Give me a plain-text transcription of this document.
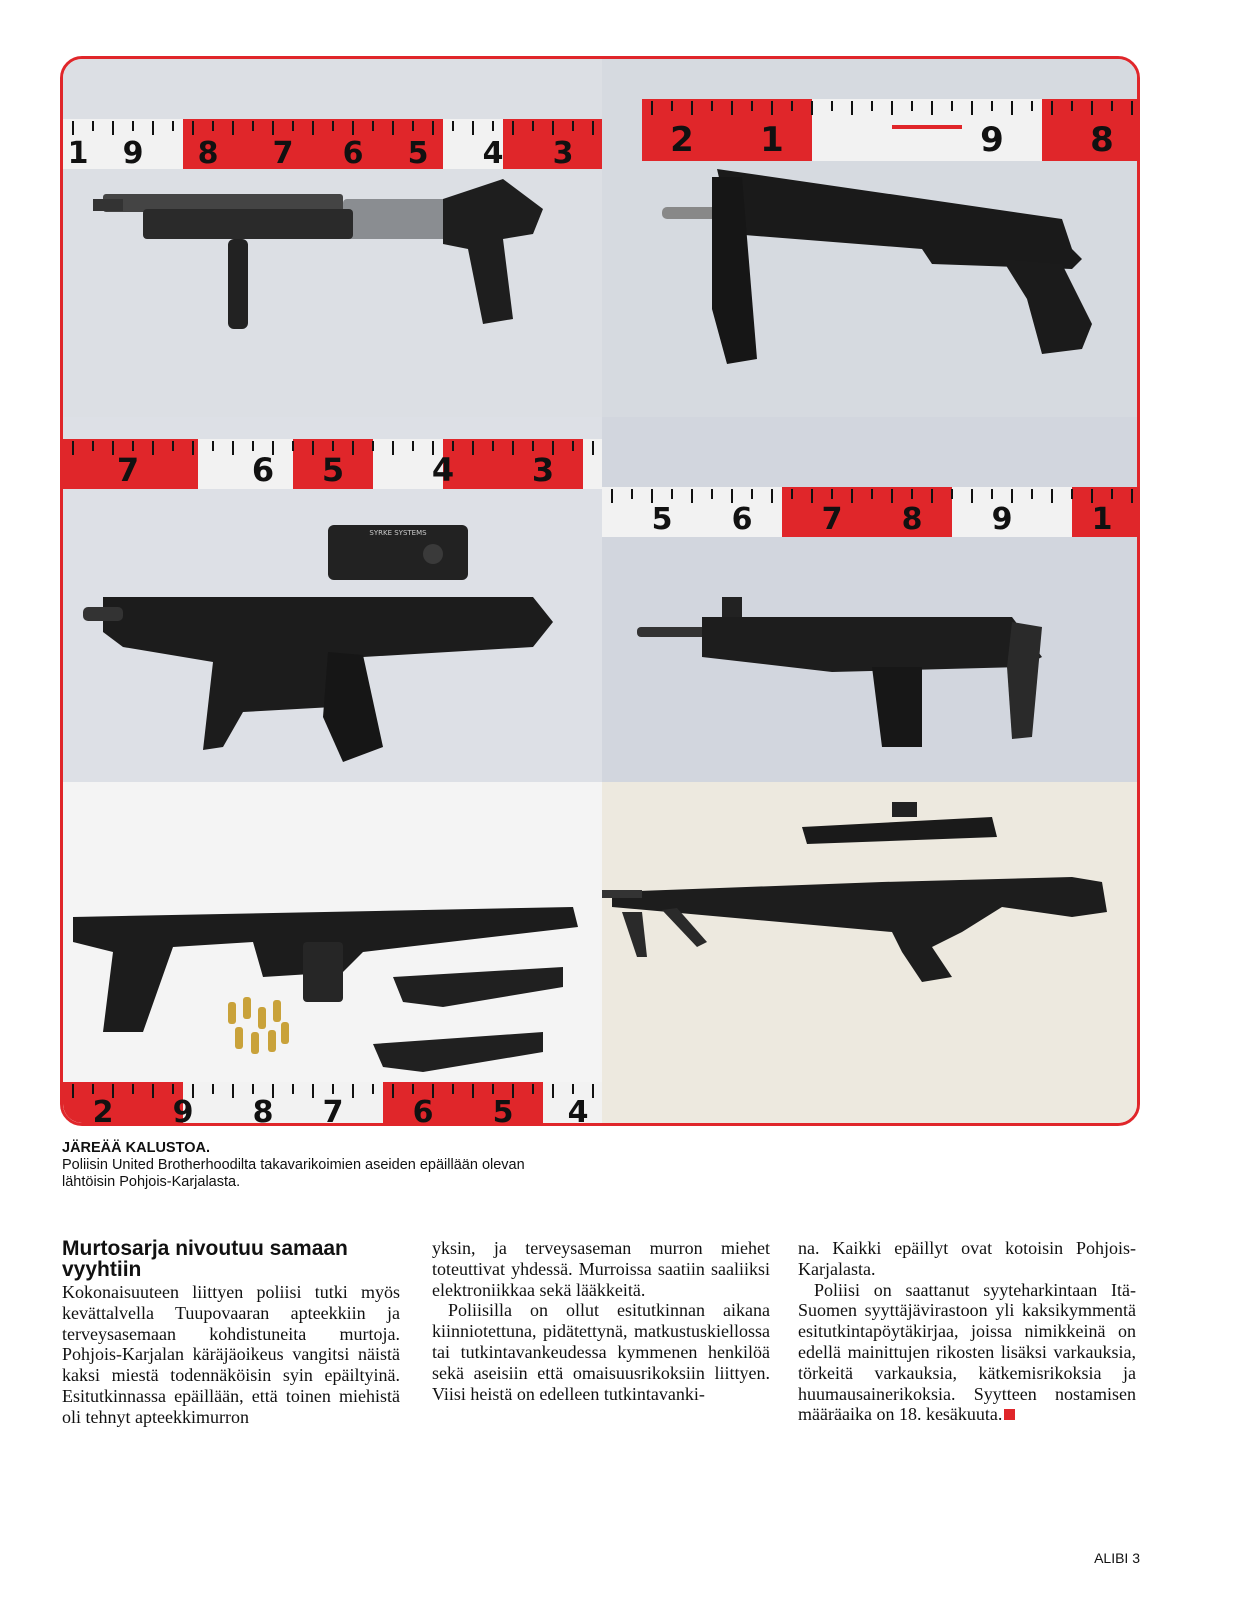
1 9 8 7 6 5 4 3	2 1	9	8
7	6 5	4 3
SYRKE SYSTEMS	5 6 7 8 9	1
2 9 8 7 6 5 4
JÄREÄÄ KALUSTOA.
Poliisin United Brotherhoodilta takavarikoimien aseiden epäillään olevan lähtöisin Pohjois-Karjalasta.
Murtosarja nivoutuu samaan vyyhtiin

Kokonaisuuteen liittyen poliisi tutki myös kevättalvella Tuupovaaran apteekkiin ja terveysasemaan kohdistuneita murtoja. Pohjois-Karjalan käräjäoikeus vangitsi näistä kaksi miestä todennäköisin syin epäiltyinä. Esitutkinnassa epäillään, että toinen miehistä oli tehnyt apteekkimurron

yksin, ja terveysaseman murron miehet toteuttivat yhdessä. Murroissa saatiin saaliiksi elektroniikkaa sekä lääkkeitä.

Poliisilla on ollut esitutkinnan aikana kiinniotettuna, pidätettynä, matkustuskiellossa tai tutkintavankeudessa kymmenen henkilöä sekä aseisiin että omaisuusrikoksiin liittyen. Viisi heistä on edelleen tutkintavanki-

na. Kaikki epäillyt ovat kotoisin Pohjois-Karjalasta.

Poliisi on saattanut syyteharkintaan Itä-Suomen syyttäjävirastoon yli kaksikymmentä esitutkintapöytäkirjaa, joissa nimikkeinä on edellä mainittujen rikosten lisäksi varkauksia, törkeitä varkauksia, kätkemisrikoksia ja huumausainerikoksia. Syytteen nostamisen määräaika on 18. kesäkuuta.

ALIBI 3
